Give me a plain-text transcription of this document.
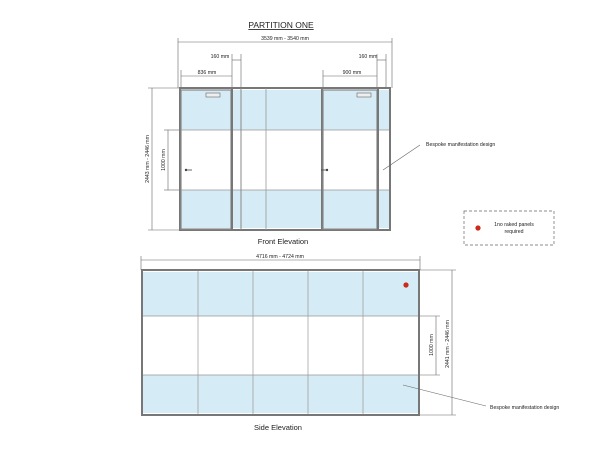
PARTITION ONE
3539 mm - 3540 mm
160 mm	160 mm
836 mm	900 mm
2443 mm - 2446 mm 1000 mm
Bespoke manifestation design
Front Elevation
1no raked panels
required
4716 mm - 4724 mm
2441 mm - 2446 mm
1000 mm
Bespoke manifestation design
Side Elevation
